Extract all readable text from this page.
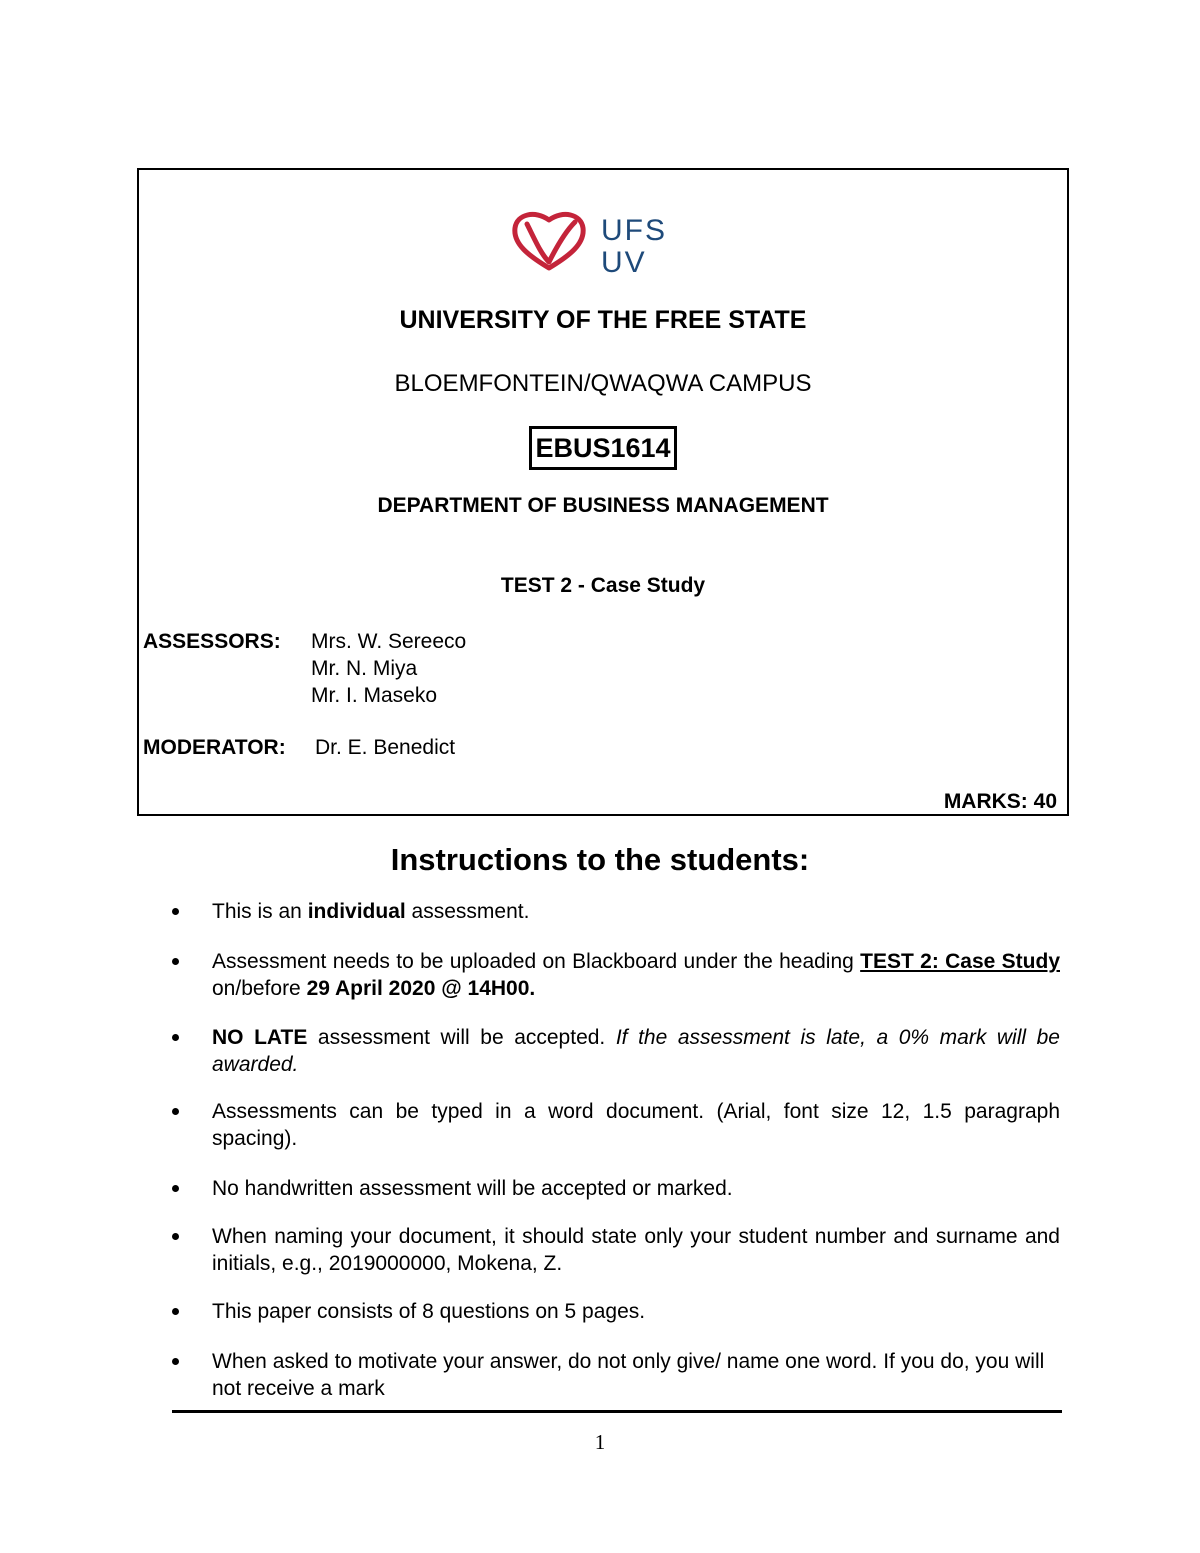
UFS
UV
UNIVERSITY OF THE FREE STATE
BLOEMFONTEIN/QWAQWA CAMPUS
EBUS1614
DEPARTMENT OF BUSINESS MANAGEMENT
TEST 2 - Case Study
ASSESSORS: Mrs. W. Sereeco
Mr. N. Miya
Mr. I. Maseko
MODERATOR: Dr. E. Benedict
MARKS: 40
Instructions to the students:
This is an individual assessment.
Assessment needs to be uploaded on Blackboard under the heading TEST 2: Case Study on/before 29 April 2020 @ 14H00.
NO LATE assessment will be accepted. If the assessment is late, a 0% mark will be awarded.
Assessments can be typed in a word document. (Arial, font size 12, 1.5 paragraph spacing).
No handwritten assessment will be accepted or marked.
When naming your document, it should state only your student number and surname and initials, e.g., 2019000000, Mokena, Z.
This paper consists of 8 questions on 5 pages.
When asked to motivate your answer, do not only give/ name one word. If you do, you will not receive a mark
1
